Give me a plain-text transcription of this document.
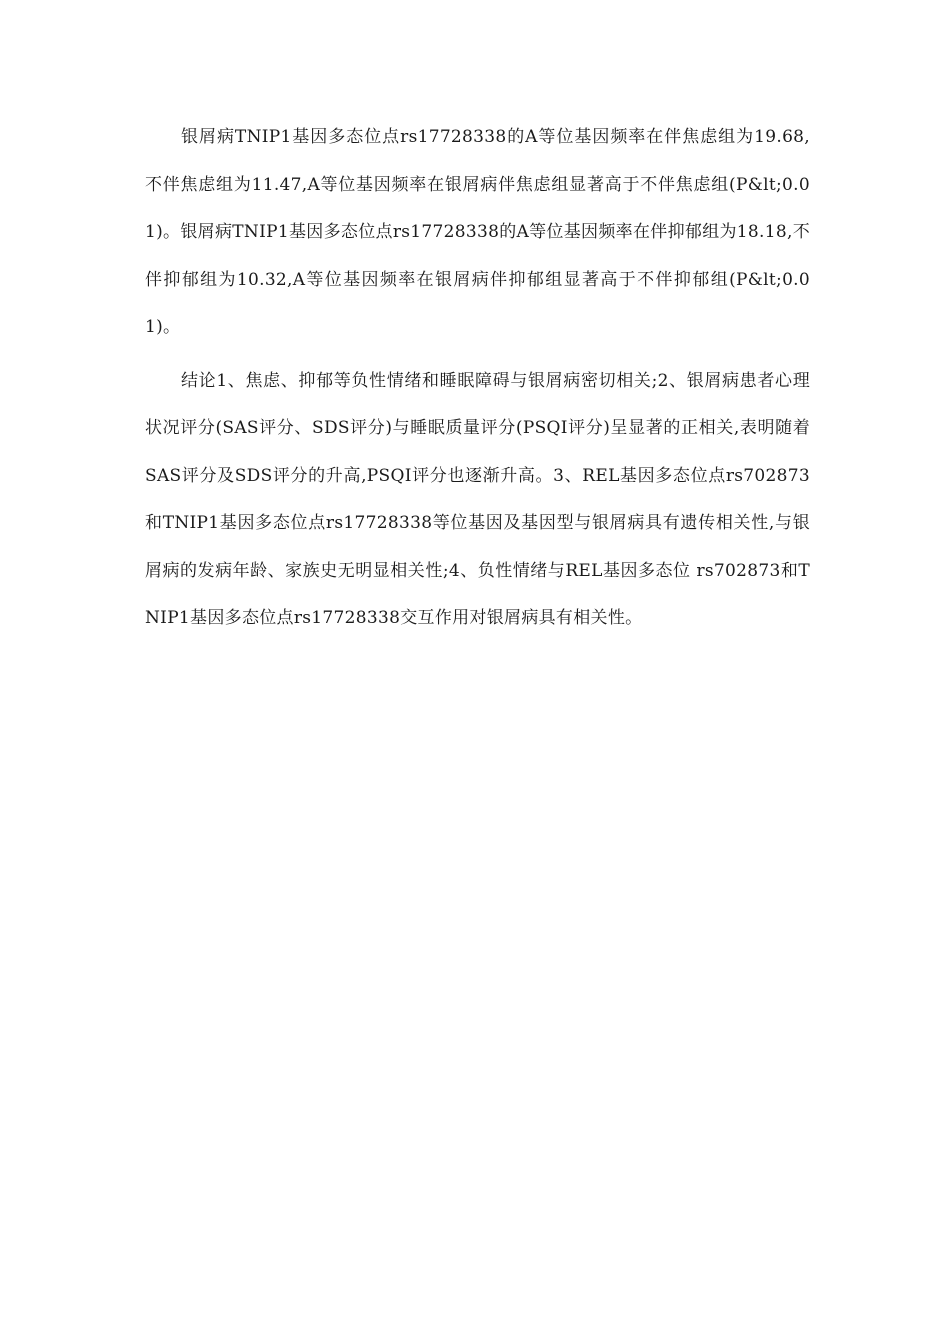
银屑病TNIP1基因多态位点rs17728338的A等位基因频率在伴焦虑组为19.68,不伴焦虑组为11.47,A等位基因频率在银屑病伴焦虑组显著高于不伴焦虑组(P&lt;0.01)。银屑病TNIP1基因多态位点rs17728338的A等位基因频率在伴抑郁组为18.18,不伴抑郁组为10.32,A等位基因频率在银屑病伴抑郁组显著高于不伴抑郁组(P&lt;0.01)。

结论1、焦虑、抑郁等负性情绪和睡眠障碍与银屑病密切相关;2、银屑病患者心理状况评分(SAS评分、SDS评分)与睡眠质量评分(PSQI评分)呈显著的正相关,表明随着SAS评分及SDS评分的升高,PSQI评分也逐渐升高。3、REL基因多态位点rs702873和TNIP1基因多态位点rs17728338等位基因及基因型与银屑病具有遗传相关性,与银屑病的发病年龄、家族史无明显相关性;4、负性情绪与REL基因多态位 rs702873和TNIP1基因多态位点rs17728338交互作用对银屑病具有相关性。
